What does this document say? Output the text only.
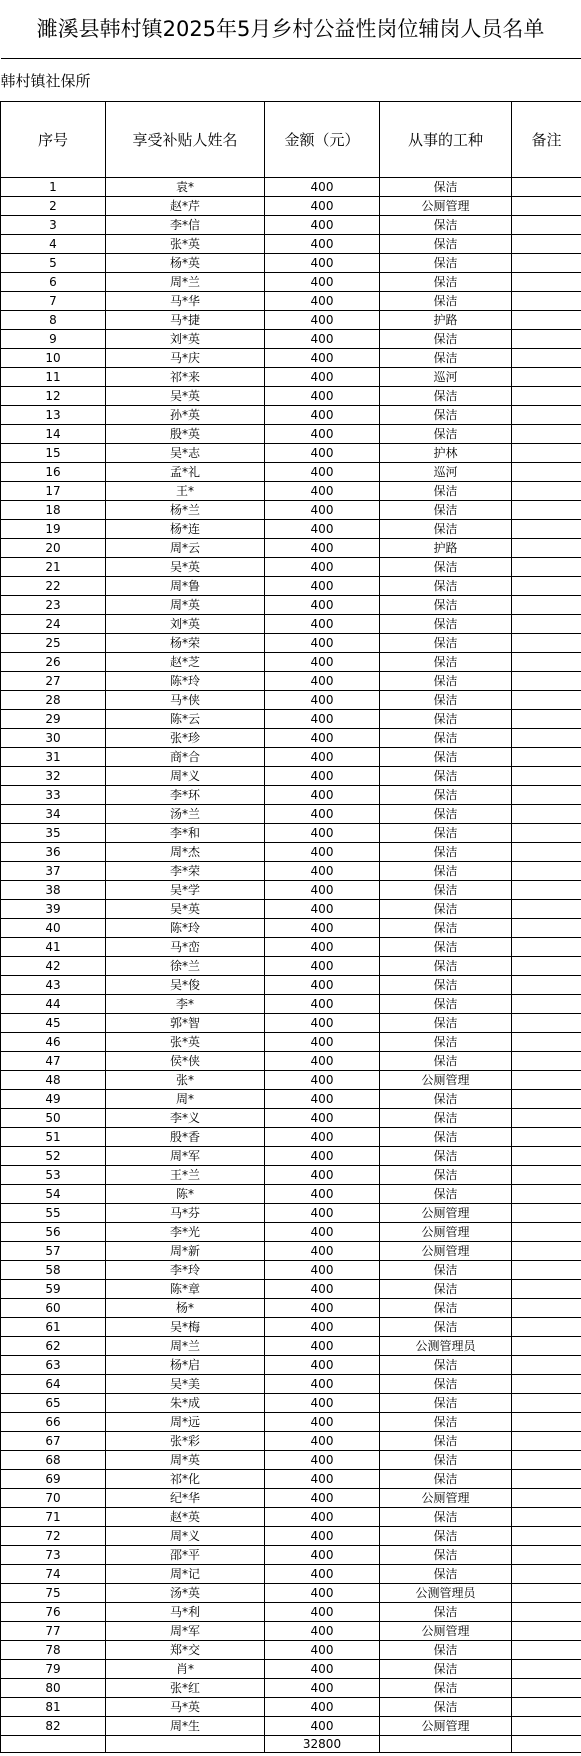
濉溪县韩村镇2025年5月乡村公益性岗位辅岗人员名单
韩村镇社保所				
序号	享受补贴人姓名	金额（元）	从事的工种	备注
1	袁*	400	保洁	
2	赵*芹	400	公厕管理	
3	李*信	400	保洁	
4	张*英	400	保洁	
5	杨*英	400	保洁	
6	周*兰	400	保洁	
7	马*华	400	保洁	
8	马*捷	400	护路	
9	刘*英	400	保洁	
10	马*庆	400	保洁	
11	祁*来	400	巡河	
12	吴*英	400	保洁	
13	孙*英	400	保洁	
14	殷*英	400	保洁	
15	吴*志	400	护林	
16	孟*礼	400	巡河	
17	王*	400	保洁	
18	杨*兰	400	保洁	
19	杨*连	400	保洁	
20	周*云	400	护路	
21	吴*英	400	保洁	
22	周*鲁	400	保洁	
23	周*英	400	保洁	
24	刘*英	400	保洁	
25	杨*荣	400	保洁	
26	赵*芝	400	保洁	
27	陈*玲	400	保洁	
28	马*侠	400	保洁	
29	陈*云	400	保洁	
30	张*珍	400	保洁	
31	商*合	400	保洁	
32	周*义	400	保洁	
33	李*环	400	保洁	
34	汤*兰	400	保洁	
35	李*和	400	保洁	
36	周*杰	400	保洁	
37	李*荣	400	保洁	
38	吴*学	400	保洁	
39	吴*英	400	保洁	
40	陈*玲	400	保洁	
41	马*峦	400	保洁	
42	徐*兰	400	保洁	
43	吴*俊	400	保洁	
44	李*	400	保洁	
45	郭*智	400	保洁	
46	张*英	400	保洁	
47	侯*侠	400	保洁	
48	张*	400	公厕管理	
49	周*	400	保洁	
50	李*义	400	保洁	
51	殷*香	400	保洁	
52	周*军	400	保洁	
53	王*兰	400	保洁	
54	陈*	400	保洁	
55	马*芬	400	公厕管理	
56	李*光	400	公厕管理	
57	周*新	400	公厕管理	
58	李*玲	400	保洁	
59	陈*章	400	保洁	
60	杨*	400	保洁	
61	吴*梅	400	保洁	
62	周*兰	400	公测管理员	
63	杨*启	400	保洁	
64	吴*美	400	保洁	
65	朱*成	400	保洁	
66	周*远	400	保洁	
67	张*彩	400	保洁	
68	周*英	400	保洁	
69	祁*化	400	保洁	
70	纪*华	400	公厕管理	
71	赵*英	400	保洁	
72	周*义	400	保洁	
73	邵*平	400	保洁	
74	周*记	400	保洁	
75	汤*英	400	公测管理员	
76	马*利	400	保洁	
77	周*军	400	公厕管理	
78	郑*交	400	保洁	
79	肖*	400	保洁	
80	张*红	400	保洁	
81	马*英	400	保洁	
82	周*生	400	公厕管理	
		32800		
